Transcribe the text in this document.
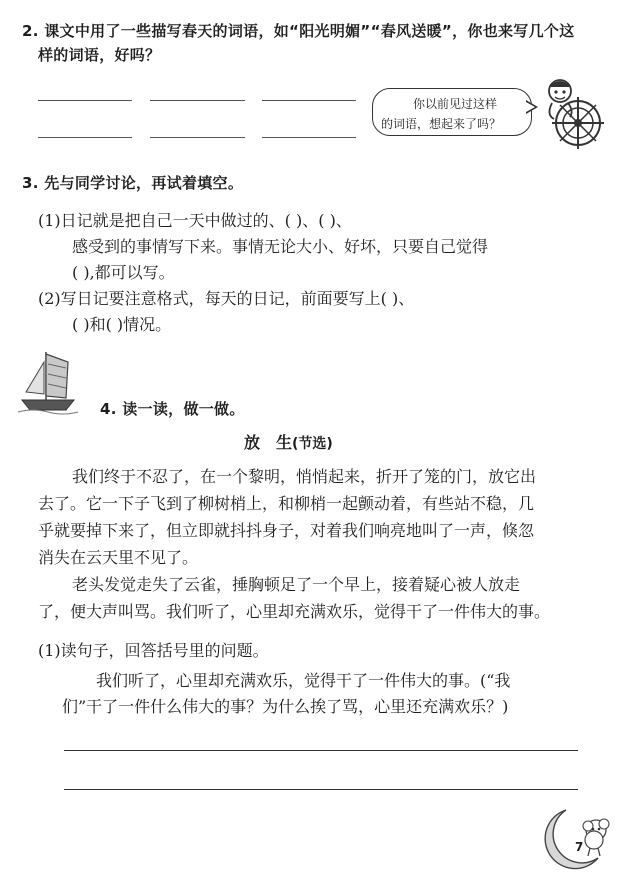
2. 课文中用了一些描写春天的词语，如“阳光明媚”“春风送暖”，你也来写几个这
样的词语，好吗？
你以前见过这样
的词语，想起来了吗？
3. 先与同学讨论，再试着填空。
(1)日记就是把自己一天中做过的、( )、( )、
感受到的事情写下来。事情无论大小、好坏，只要自己觉得
( ),都可以写。
(2)写日记要注意格式，每天的日记，前面要写上( )、
( )和( )情况。
4. 读一读，做一做。
放　生(节选)
我们终于不忍了，在一个黎明，悄悄起来，折开了笼的门，放它出
去了。它一下子飞到了柳树梢上，和柳梢一起颤动着，有些站不稳，几
乎就要掉下来了，但立即就抖抖身子，对着我们响亮地叫了一声，倏忽
消失在云天里不见了。
老头发觉走失了云雀，捶胸顿足了一个早上，接着疑心被人放走
了，便大声叫骂。我们听了，心里却充满欢乐，觉得干了一件伟大的事。
(1)读句子，回答括号里的问题。
我们听了，心里却充满欢乐，觉得干了一件伟大的事。(“我
们”干了一件什么伟大的事？为什么挨了骂，心里还充满欢乐？)
7
